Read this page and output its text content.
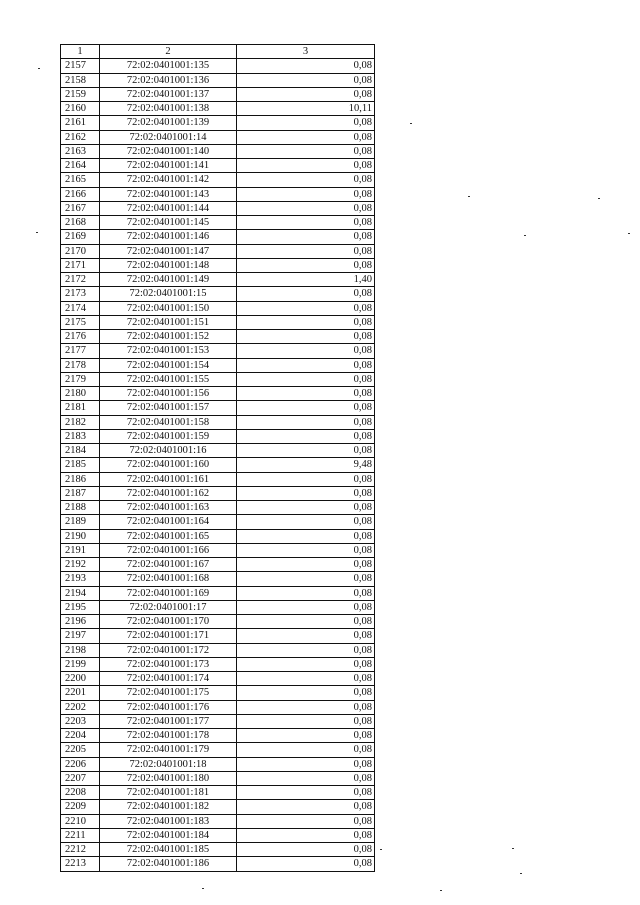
1	2	3
2157	72:02:0401001:135	0,08
2158	72:02:0401001:136	0,08
2159	72:02:0401001:137	0,08
2160	72:02:0401001:138	10,11
2161	72:02:0401001:139	0,08
2162	72:02:0401001:14	0,08
2163	72:02:0401001:140	0,08
2164	72:02:0401001:141	0,08
2165	72:02:0401001:142	0,08
2166	72:02:0401001:143	0,08
2167	72:02:0401001:144	0,08
2168	72:02:0401001:145	0,08
2169	72:02:0401001:146	0,08
2170	72:02:0401001:147	0,08
2171	72:02:0401001:148	0,08
2172	72:02:0401001:149	1,40
2173	72:02:0401001:15	0,08
2174	72:02:0401001:150	0,08
2175	72:02:0401001:151	0,08
2176	72:02:0401001:152	0,08
2177	72:02:0401001:153	0,08
2178	72:02:0401001:154	0,08
2179	72:02:0401001:155	0,08
2180	72:02:0401001:156	0,08
2181	72:02:0401001:157	0,08
2182	72:02:0401001:158	0,08
2183	72:02:0401001:159	0,08
2184	72:02:0401001:16	0,08
2185	72:02:0401001:160	9,48
2186	72:02:0401001:161	0,08
2187	72:02:0401001:162	0,08
2188	72:02:0401001:163	0,08
2189	72:02:0401001:164	0,08
2190	72:02:0401001:165	0,08
2191	72:02:0401001:166	0,08
2192	72:02:0401001:167	0,08
2193	72:02:0401001:168	0,08
2194	72:02:0401001:169	0,08
2195	72:02:0401001:17	0,08
2196	72:02:0401001:170	0,08
2197	72:02:0401001:171	0,08
2198	72:02:0401001:172	0,08
2199	72:02:0401001:173	0,08
2200	72:02:0401001:174	0,08
2201	72:02:0401001:175	0,08
2202	72:02:0401001:176	0,08
2203	72:02:0401001:177	0,08
2204	72:02:0401001:178	0,08
2205	72:02:0401001:179	0,08
2206	72:02:0401001:18	0,08
2207	72:02:0401001:180	0,08
2208	72:02:0401001:181	0,08
2209	72:02:0401001:182	0,08
2210	72:02:0401001:183	0,08
2211	72:02:0401001:184	0,08
2212	72:02:0401001:185	0,08
2213	72:02:0401001:186	0,08
